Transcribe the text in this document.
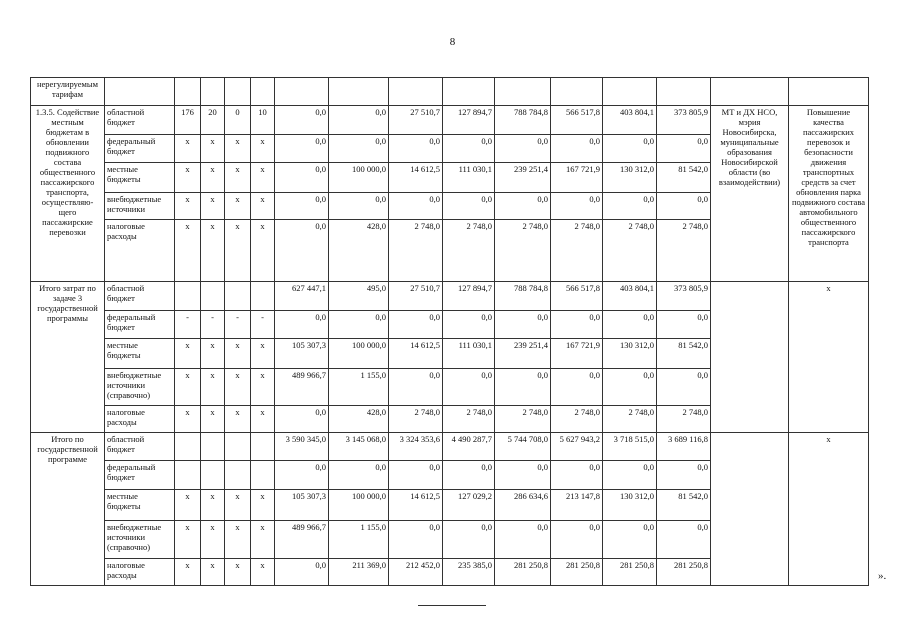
8
нерегулируемым тарифам															
1.3.5. Содействие местным бюджетам в обновлении подвижного состава общественного пассажирского транспорта, осуществляю-щего пассажирские перевозки	областной бюджет	176	20	0	10	0,0	0,0	27 510,7	127 894,7	788 784,8	566 517,8	403 804,1	373 805,9	МТ и ДХ НСО, мэрия Новосибирска, муниципальные образования Новосибирской области (во взаимодействии)	Повышение качества пассажирских перевозок и безопасности движения транспортных средств за счет обновления парка подвижного состава автомобильного общественного пассажирского транспорта
	федеральный бюджет	x	x	x	x	0,0	0,0	0,0	0,0	0,0	0,0	0,0	0,0		
	местные бюджеты	x	x	x	x	0,0	100 000,0	14 612,5	111 030,1	239 251,4	167 721,9	130 312,0	81 542,0		
	внебюджетные источники	x	x	x	x	0,0	0,0	0,0	0,0	0,0	0,0	0,0	0,0		
	налоговые расходы	x	x	x	x	0,0	428,0	2 748,0	2 748,0	2 748,0	2 748,0	2 748,0	2 748,0		
Итого затрат по задаче 3 государственной программы	областной бюджет					627 447,1	495,0	27 510,7	127 894,7	788 784,8	566 517,8	403 804,1	373 805,9		x
	федеральный бюджет	-	-	-	-	0,0	0,0	0,0	0,0	0,0	0,0	0,0	0,0		
	местные бюджеты	x	x	x	x	105 307,3	100 000,0	14 612,5	111 030,1	239 251,4	167 721,9	130 312,0	81 542,0		
	внебюджетные источники (справочно)	x	x	x	x	489 966,7	1 155,0	0,0	0,0	0,0	0,0	0,0	0,0		
	налоговые расходы	x	x	x	x	0,0	428,0	2 748,0	2 748,0	2 748,0	2 748,0	2 748,0	2 748,0		
Итого по государственной программе	областной бюджет					3 590 345,0	3 145 068,0	3 324 353,6	4 490 287,7	5 744 708,0	5 627 943,2	3 718 515,0	3 689 116,8		x
	федеральный бюджет					0,0	0,0	0,0	0,0	0,0	0,0	0,0	0,0		
	местные бюджеты	x	x	x	x	105 307,3	100 000,0	14 612,5	127 029,2	286 634,6	213 147,8	130 312,0	81 542,0		
	внебюджетные источники (справочно)	x	x	x	x	489 966,7	1 155,0	0,0	0,0	0,0	0,0	0,0	0,0		
	налоговые расходы	x	x	x	x	0,0	211 369,0	212 452,0	235 385,0	281 250,8	281 250,8	281 250,8	281 250,8		
».
